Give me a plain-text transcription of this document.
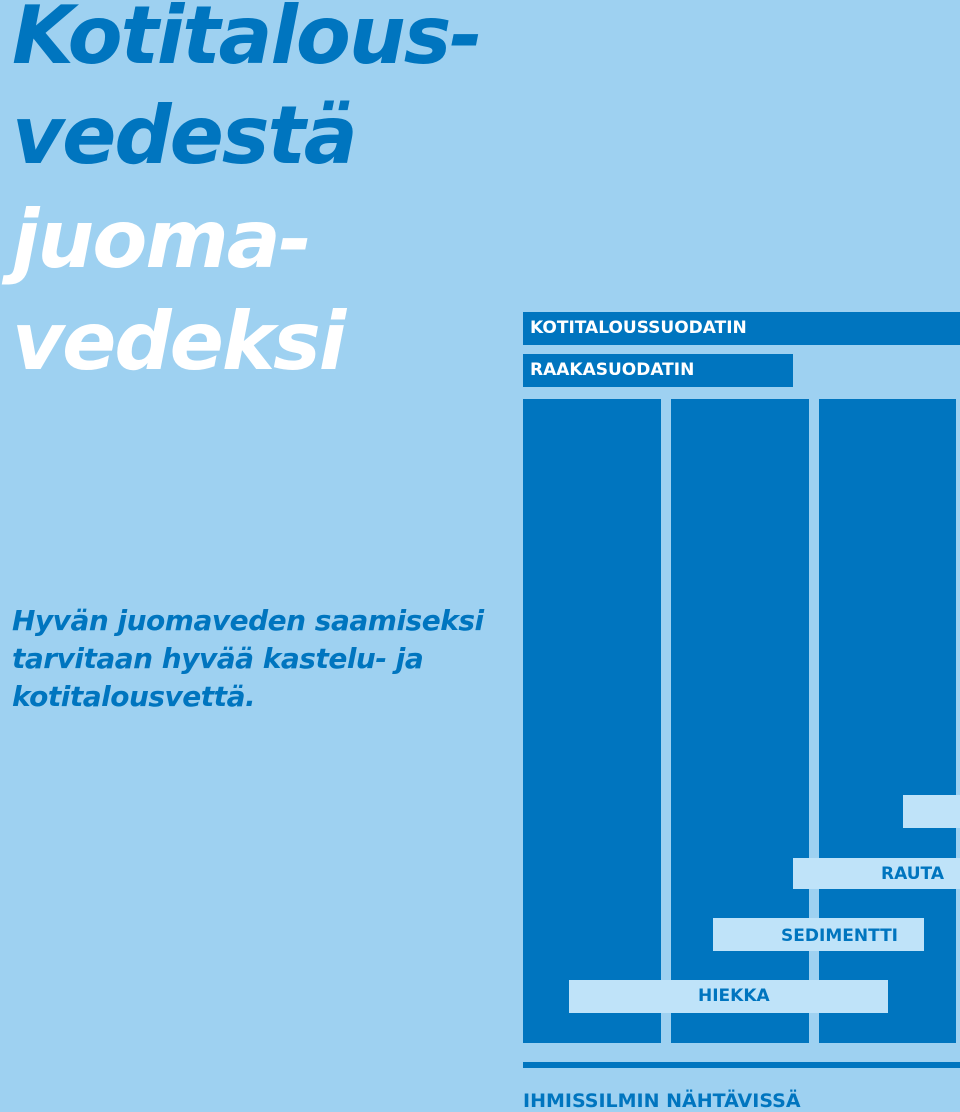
Kotitalous-
vedestä
juoma-
vedeksi

Hyvän juomaveden saamiseksi tarvitaan hyvää kastelu- ja kotitalousvettä.

KOTITALOUSSUODATIN
RAAKASUODATIN
RAUTA
SEDIMENTTI
HIEKKA
IHMISSILMIN NÄHTÄVISSÄ
